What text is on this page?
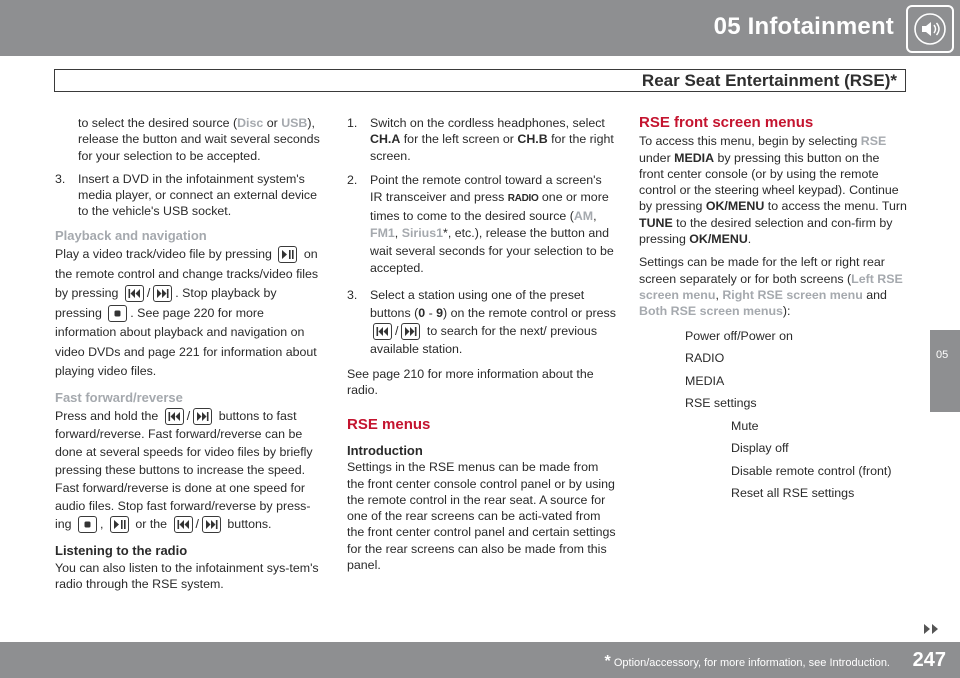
05 Infotainment
Rear Seat Entertainment (RSE)*
05

to select the desired source (Disc or USB), release the button and wait several seconds for your selection to be accepted.

3. Insert a DVD in the infotainment system's media player, or connect an external device to the vehicle's USB socket.
Playback and navigation

Play a video track/video file by pressing	on the remote control and change tracks/video files by pressing / . Stop playback by pressing . See page 220 for more information about playback and navigation on video DVDs and page 221 for information about playing video files.

Fast forward/reverse

Press and hold the / buttons to fast forward/reverse. Fast forward/reverse can be done at several speeds for video files by briefly pressing these buttons to increase the speed. Fast forward/reverse is done at one speed for audio files. Stop fast forward/reverse by press-ing ,	or the / buttons.

Listening to the radio

You can also listen to the infotainment sys-tem's radio through the RSE system.

1. Switch on the cordless headphones, select CH.A for the left screen or CH.B for the right screen.
2. Point the remote control toward a screen's IR transceiver and press RADIO one or more times to come to the desired source (AM, FM1, Sirius1*, etc.), release the button and wait several seconds for your selection to be accepted.
3. Select a station using one of the preset buttons (0 - 9) on the remote control or press
/ to search for the next/ previous available station.

See page 210 for more information about the radio.

RSE menus
Introduction

Settings in the RSE menus can be made from the front center console control panel or by using the remote control in the rear seat. A source for one of the rear screens can be acti-vated from the front center control panel and certain settings for the rear screens can also be made from this panel.

RSE front screen menus

To access this menu, begin by selecting RSE under MEDIA by pressing this button on the front center console (or by using the remote control or the steering wheel keypad). Continue by pressing OK/MENU to access the menu. Turn TUNE to the desired selection and con-firm by pressing OK/MENU.

Settings can be made for the left or right rear screen separately or for both screens (Left RSE screen menu, Right RSE screen menu and Both RSE screen menus):

Power off/Power on
RADIO
MEDIA
RSE settings
Mute
Display off
Disable remote control (front)
Reset all RSE settings
* Option/accessory, for more information, see Introduction. 247
